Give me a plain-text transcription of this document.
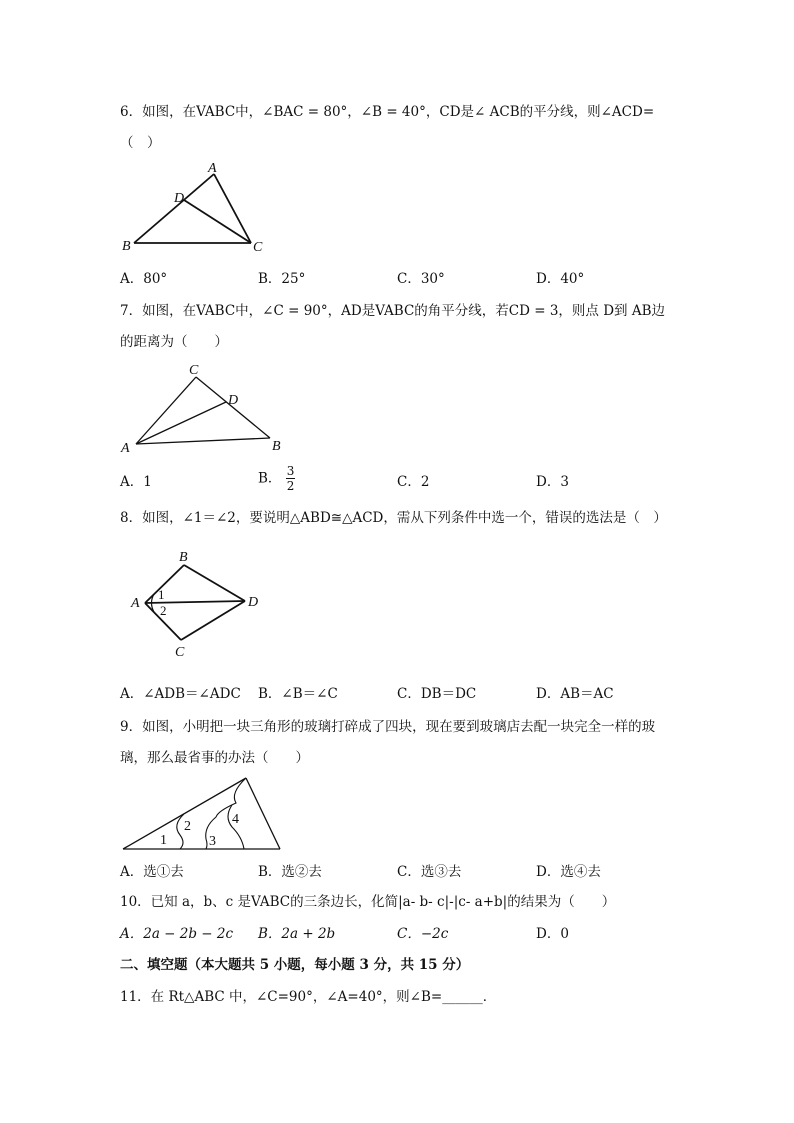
6．如图，在VABC中，∠BAC = 80°，∠B = 40°，CD是∠ ACB的平分线，则∠ACD=
（　）
A
D
B	C
A．80°	B．25°	C．30°	D．40°
7．如图，在VABC中，∠C = 90°，AD是VABC的角平分线，若CD = 3，则点 D到 AB边
的距离为（　　）
C
D
A	B
A．1	B． $\frac{3}{2}$	C．2	D．3
8．如图，∠1＝∠2，要说明△ABD≅△ACD，需从下列条件中选一个，错误的选法是（　）
B
A	D
C
1
2
A．∠ADB＝∠ADC B．∠B＝∠C	C．DB＝DC	D．AB＝AC
9．如图，小明把一块三角形的玻璃打碎成了四块，现在要到玻璃店去配一块完全一样的玻
璃，那么最省事的办法（　　）
1
2
3
4
A．选①去	B．选②去	C．选③去	D．选④去
10．已知 a，b、c 是VABC的三条边长，化简|a- b- c|-|c- a+b|的结果为（　　）
A．2a − 2b − 2c B．2a + 2b	C．−2c	D．0
二、填空题（本大题共 5 小题，每小题 3 分，共 15 分）
11．在 Rt△ABC 中，∠C=90°，∠A=40°，则∠B=______．
